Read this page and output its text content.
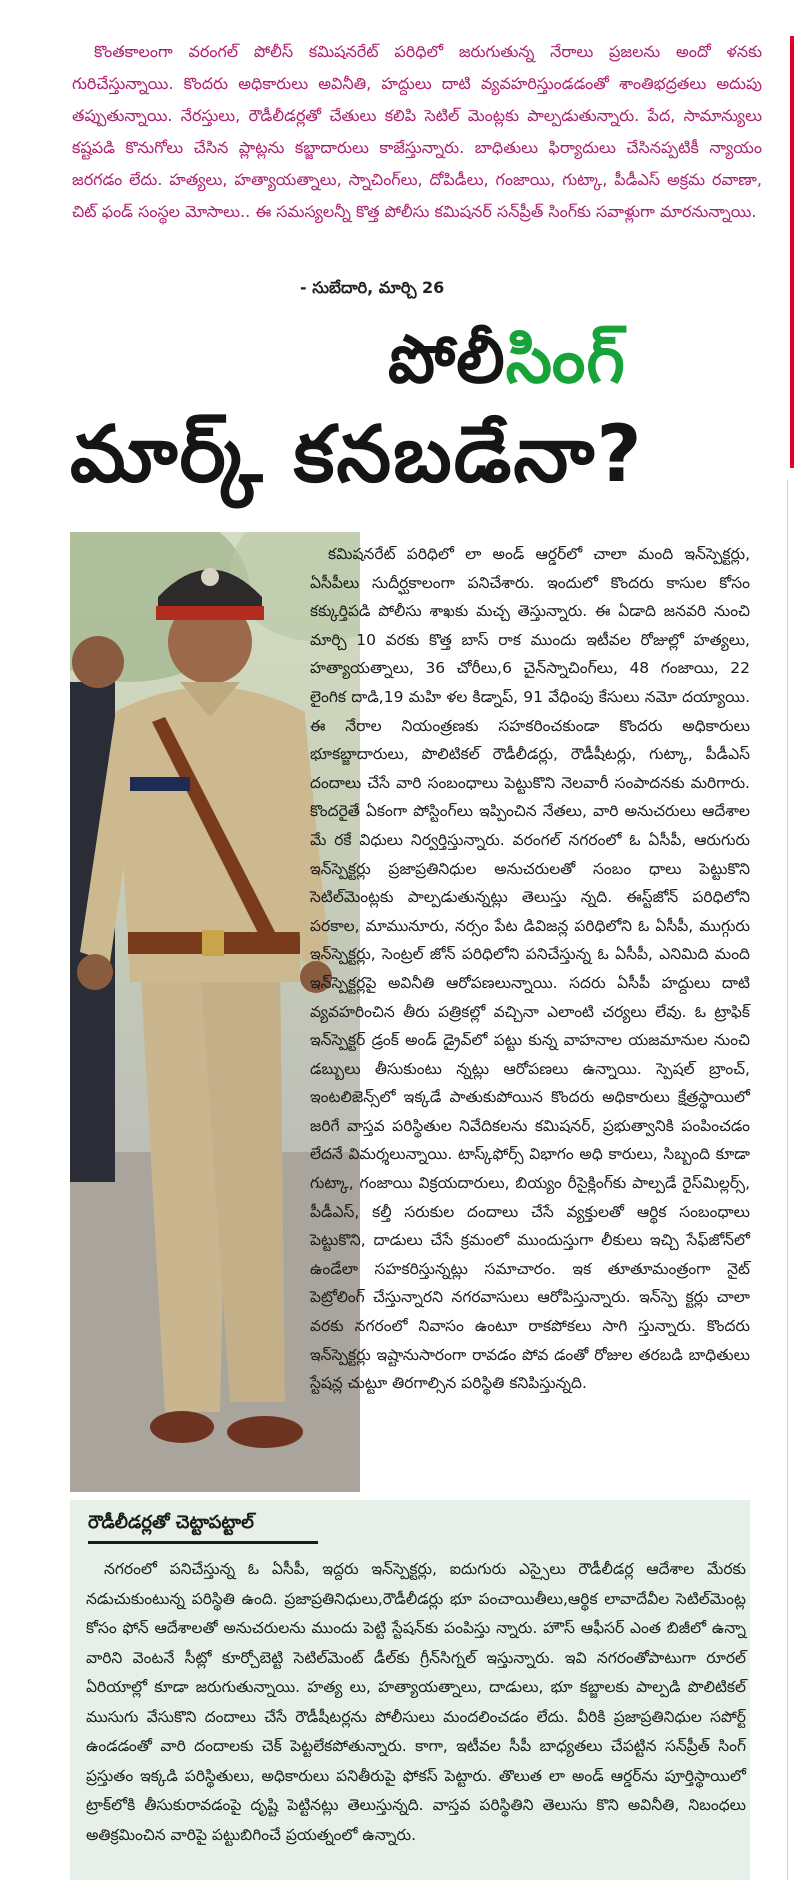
కొంతకాలంగా వరంగల్ పోలీస్ కమిషనరేట్ పరిధిలో జరుగుతున్న నేరాలు ప్రజలను అందో ళనకు గురిచేస్తున్నాయి. కొందరు అధికారులు అవినీతి, హద్దులు దాటి వ్యవహరిస్తుండడంతో శాంతిభద్రతలు అదుపు తప్పుతున్నాయి. నేరస్తులు, రౌడీలీడర్లతో చేతులు కలిపి సెటిల్ మెంట్లకు పాల్పడుతున్నారు. పేద, సామాన్యులు కష్టపడి కొనుగోలు చేసిన ప్లాట్లను కబ్జాదారులు కాజేస్తున్నారు. బాధితులు ఫిర్యాదులు చేసినప్పటికీ న్యాయం జరగడం లేదు. హత్యలు, హత్యాయత్నాలు, స్నాచింగ్‌లు, దోపిడీలు, గంజాయి, గుట్కా, పీడీఎస్ అక్రమ రవాణా, చిట్ ఫండ్ సంస్థల మోసాలు.. ఈ సమస్యలన్నీ కొత్త పోలీసు కమిషనర్ సన్‌ప్రీత్ సింగ్‌కు సవాళ్లుగా మారనున్నాయి.

- సుబేదారి, మార్చి 26
పోలీసింగ్
మార్క్ కనబడేనా?

కమిషనరేట్ పరిధిలో లా అండ్ ఆర్డర్‌లో చాలా మంది ఇన్‌స్పెక్టర్లు, ఏసీపీలు సుదీర్ఘకాలంగా పనిచేశారు. ఇందులో కొందరు కాసుల కోసం కక్కుర్తిపడి పోలీసు శాఖకు మచ్చ తెస్తున్నారు. ఈ ఏడాది జనవరి నుంచి మార్చి 10 వరకు కొత్త బాస్ రాక ముందు ఇటీవల రోజుల్లో హత్యలు, హత్యాయత్నాలు, 36 చోరీలు,6 చైన్‌స్నాచింగ్‌లు, 48 గంజాయి, 22 లైంగిక దాడి,19 మహి ళల కిడ్నాప్, 91 వేధింపు కేసులు నమో దయ్యాయి. ఈ నేరాల నియంత్రణకు సహకరించకుండా కొందరు అధికారులు భూకబ్జాదారులు, పొలిటికల్ రౌడీలీడర్లు, రౌడీషీటర్లు, గుట్కా, పీడీఎస్ దందాలు చేసే వారి సంబంధాలు పెట్టుకొని నెలవారీ సంపాదనకు మరిగారు. కొందరైతే ఏకంగా పోస్టింగ్‌లు ఇప్పించిన నేతలు, వారి అనుచరులు ఆదేశాల మే రకే విధులు నిర్వర్తిస్తున్నారు. వరంగల్ నగరంలో ఓ ఏసీపీ, ఆరుగురు ఇన్‌స్పెక్టర్లు ప్రజాప్రతినిధుల అనుచరులతో సంబం ధాలు పెట్టుకొని సెటిల్‌మెంట్లకు పాల్పడుతున్నట్లు తెలుస్తు న్నది. ఈస్ట్‌జోన్ పరిధిలోని పరకాల, మామునూరు, నర్సం పేట డివిజన్ల పరిధిలోని ఓ ఏసీపీ, ముగ్గురు ఇన్‌స్పెక్టర్లు, సెంట్రల్ జోన్ పరిధిలోని పనిచేస్తున్న ఓ ఏసీపీ, ఎనిమిది మంది ఇన్‌స్పెక్టర్లపై అవినీతి ఆరోపణలున్నాయి. సదరు ఏసీపీ హద్దులు దాటి వ్యవహరించిన తీరు పత్రికల్లో వచ్చినా ఎలాంటి చర్యలు లేవు. ఓ ట్రాఫిక్ ఇన్‌స్పెక్టర్ డ్రంక్ అండ్ డ్రైవ్‌లో పట్టు కున్న వాహనాల యజమానుల నుంచి డబ్బులు తీసుకుంటు న్నట్లు ఆరోపణలు ఉన్నాయి. స్పెషల్ బ్రాంచ్, ఇంటలిజెన్స్‌లో ఇక్కడే పాతుకుపోయిన కొందరు అధికారులు క్షేత్రస్థాయిలో జరిగే వాస్తవ పరిస్థితుల నివేదికలను కమిషనర్, ప్రభుత్వానికి పంపించడం లేదనే విమర్శలున్నాయి. టాస్క్‌ఫోర్స్ విభాగం అధి కారులు, సిబ్బంది కూడా గుట్కా, గంజాయి విక్రయదారులు, బియ్యం రీసైక్లింగ్‌కు పాల్పడే రైస్‌మిల్లర్స్, పీడీఎస్, కల్తీ సరుకుల దందాలు చేసే వ్యక్తులతో ఆర్థిక సంబంధాలు పెట్టుకొని, దాడులు చేసే క్రమంలో ముందుస్తుగా లీకులు ఇచ్చి సేఫ్‌జోన్‌లో ఉండేలా సహకరిస్తున్నట్లు సమాచారం. ఇక తూతూమంత్రంగా నైట్ పెట్రోలింగ్ చేస్తున్నారని నగరవాసులు ఆరోపిస్తున్నారు. ఇన్‌స్పె క్టర్లు చాలా వరకు నగరంలో నివాసం ఉంటూ రాకపోకలు సాగి స్తున్నారు. కొందరు ఇన్‌స్పెక్టర్లు ఇష్టానుసారంగా రావడం పోవ డంతో రోజుల తరబడి బాధితులు స్టేషన్ల చుట్టూ తిరగాల్సిన పరిస్థితి కనిపిస్తున్నది.

రౌడీలీడర్లతో చెట్టాపట్టాల్

నగరంలో పనిచేస్తున్న ఓ ఏసీపీ, ఇద్దరు ఇన్‌స్పెక్టర్లు, ఐదుగురు ఎస్సైలు రౌడీలీడర్ల ఆదేశాల మేరకు నడుచుకుంటున్న పరిస్థితి ఉంది. ప్రజాప్రతినిధులు,రౌడీలీడర్లు భూ పంచాయితీలు,ఆర్థిక లావాదేవీల సెటిల్‌మెంట్ల కోసం ఫోన్ ఆదేశాలతో అనుచరులను ముందు పెట్టి స్టేషన్‌కు పంపిస్తు న్నారు. హౌస్ ఆఫీసర్ ఎంత బిజీలో ఉన్నా వారిని వెంటనే సీట్లో కూర్చోబెట్టి సెటిల్‌మెంట్ డీల్‌కు గ్రీన్‌సిగ్నల్ ఇస్తున్నారు. ఇవి నగరంతోపాటుగా రూరల్ ఏరియాల్లో కూడా జరుగుతున్నాయి. హత్య లు, హత్యాయత్నాలు, దాడులు, భూ కబ్జాలకు పాల్పడి పొలిటికల్ ముసుగు వేసుకొని దందాలు చేసే రౌడీషీటర్లను పోలీసులు మందలించడం లేదు. వీరికి ప్రజాప్రతినిధుల సపోర్ట్ ఉండడంతో వారి దందాలకు చెక్ పెట్టలేకపోతున్నారు. కాగా, ఇటీవల సీపీ బాధ్యతలు చేపట్టిన సన్‌ప్రీత్ సింగ్ ప్రస్తుతం ఇక్కడి పరిస్థితులు, అధికారులు పనితీరుపై ఫోకస్ పెట్టారు. తొలుత లా అండ్ ఆర్డర్‌ను పూర్తిస్థాయిలో ట్రాక్‌లోకి తీసుకురావడంపై దృష్టి పెట్టినట్లు తెలుస్తున్నది. వాస్తవ పరిస్థితిని తెలుసు కొని అవినీతి, నిబంధలు అతిక్రమించిన వారిపై పట్టుబిగించే ప్రయత్నంలో ఉన్నారు.
